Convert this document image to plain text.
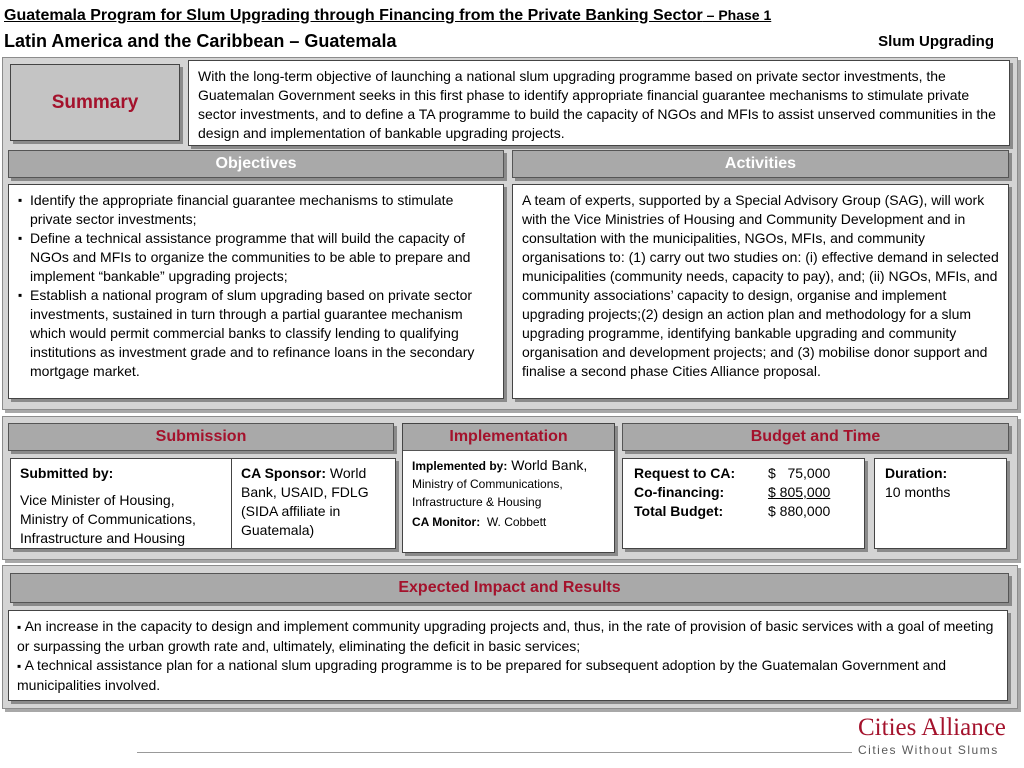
Guatemala Program for Slum Upgrading through Financing from the Private Banking Sector – Phase 1
Latin America and the Caribbean – Guatemala	Slum Upgrading
Summary
With the long-term objective of launching a national slum upgrading programme based on private sector investments, the Guatemalan Government seeks in this first phase to identify appropriate financial guarantee mechanisms to stimulate private sector investments, and to define a TA programme to build the capacity of NGOs and MFIs to assist unserved communities in the design and implementation of bankable upgrading projects.
Objectives	Activities
▪ Identify the appropriate financial guarantee mechanisms to stimulate private sector investments;
▪ Define a technical assistance programme that will build the capacity of NGOs and MFIs to organize the communities to be able to prepare and implement “bankable” upgrading projects;
▪ Establish a national program of slum upgrading based on private sector investments, sustained in turn through a partial guarantee mechanism which would permit commercial banks to classify lending to qualifying institutions as investment grade and to refinance loans in the secondary mortgage market.
A team of experts, supported by a Special Advisory Group (SAG), will work with the Vice Ministries of Housing and Community Development and in consultation with the municipalities, NGOs, MFIs, and community organisations to: (1) carry out two studies on: (i) effective demand in selected municipalities (community needs, capacity to pay), and; (ii) NGOs, MFIs, and community associations’ capacity to design, organise and implement upgrading projects;(2) design an action plan and methodology for a slum upgrading programme, identifying bankable upgrading and community organisation and development projects; and (3) mobilise donor support and finalise a second phase Cities Alliance proposal.
Submission
Submitted by:
Vice Minister of Housing, Ministry of Communications, Infrastructure and Housing
CA Sponsor: World Bank, USAID, FDLG (SIDA affiliate in Guatemala)
Implementation
Implemented by: World Bank, Ministry of Communications, Infrastructure & Housing
CA Monitor: W. Cobbett
Budget and Time
Request to CA:	$   75,000
Co-financing:	$ 805,000
Total Budget:	$ 880,000
Duration:
10 months
Expected Impact and Results
▪ An increase in the capacity to design and implement community upgrading projects and, thus, in the rate of provision of basic services with a goal of meeting or surpassing the urban growth rate and, ultimately, eliminating the deficit in basic services;
▪ A technical assistance plan for a national slum upgrading programme is to be prepared for subsequent adoption by the Guatemalan Government and municipalities involved.
Cities Alliance
Cities Without Slums
